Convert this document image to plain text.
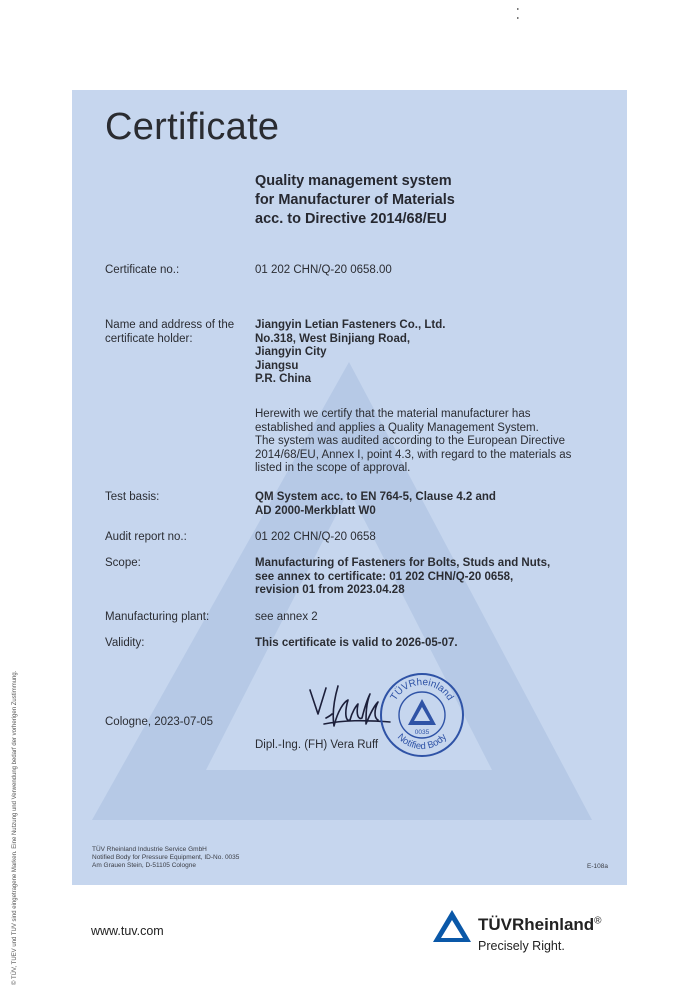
Certificate
Quality management system
for Manufacturer of Materials
acc. to Directive 2014/68/EU
Certificate no.:	01 202 CHN/Q-20 0658.00
Name and address of the
certificate holder:
Jiangyin Letian Fasteners Co., Ltd.
No.318, West Binjiang Road,
Jiangyin City
Jiangsu
P.R. China
Herewith we certify that the material manufacturer has
established and applies a Quality Management System.
The system was audited according to the European Directive
2014/68/EU, Annex I, point 4.3, with regard to the materials as
listed in the scope of approval.
Test basis:	QM System acc. to EN 764-5, Clause 4.2 and
AD 2000-Merkblatt W0
Audit report no.:	01 202 CHN/Q-20 0658
Scope:	Manufacturing of Fasteners for Bolts, Studs and Nuts,
see annex to certificate: 01 202 CHN/Q-20 0658,
revision 01 from 2023.04.28
Manufacturing plant:	see annex 2
Validity:	This certificate is valid to 2026-05-07.
TÜVRheinland
Notified Body
0035
Cologne, 2023-07-05
Dipl.-Ing. (FH) Vera Ruff
TÜV Rheinland Industrie Service GmbH
Notified Body for Pressure Equipment, ID-No. 0035
Am Grauen Stein, D-51105 Cologne	E-108a
© TÜV, TUEV und TUV sind eingetragene Marken. Eine Nutzung und Verwendung bedarf der vorherigen Zustimmung.	www.tuv.com	TÜVRheinland®
Precisely Right.
